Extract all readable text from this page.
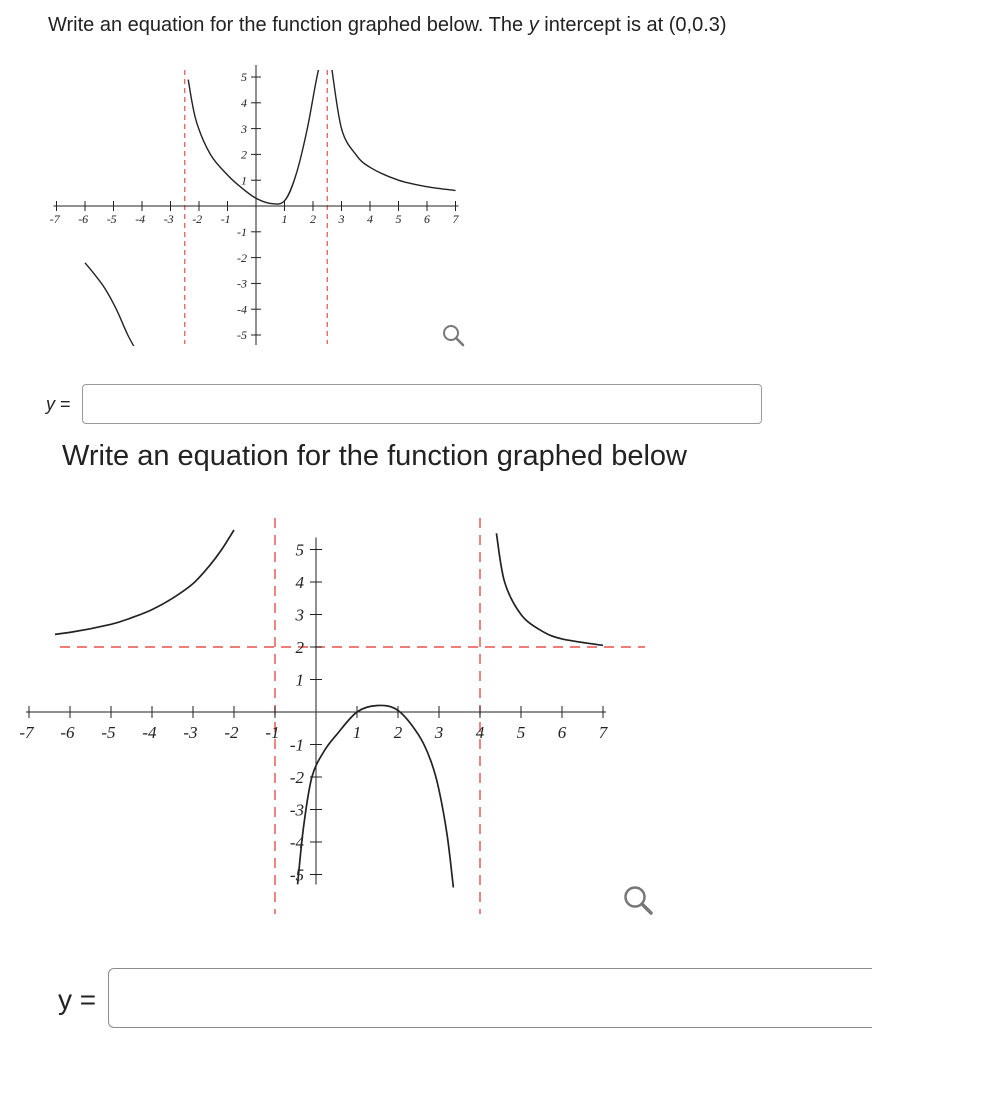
Write an equation for the function graphed below. The y intercept is at (0,0.3)
-7 -6 -5 -4 -3 -2 -1	1 2 3 4 5 6 7
-5
-4
-3
-2
-1
1
2
3
4
5
y =
Write an equation for the function graphed below
-7 -6 -5 -4 -3 -2 -1	1 2 3 4 5 6 7
-5
-4
-3
-2
-1
1
2
3
4
5
y =
